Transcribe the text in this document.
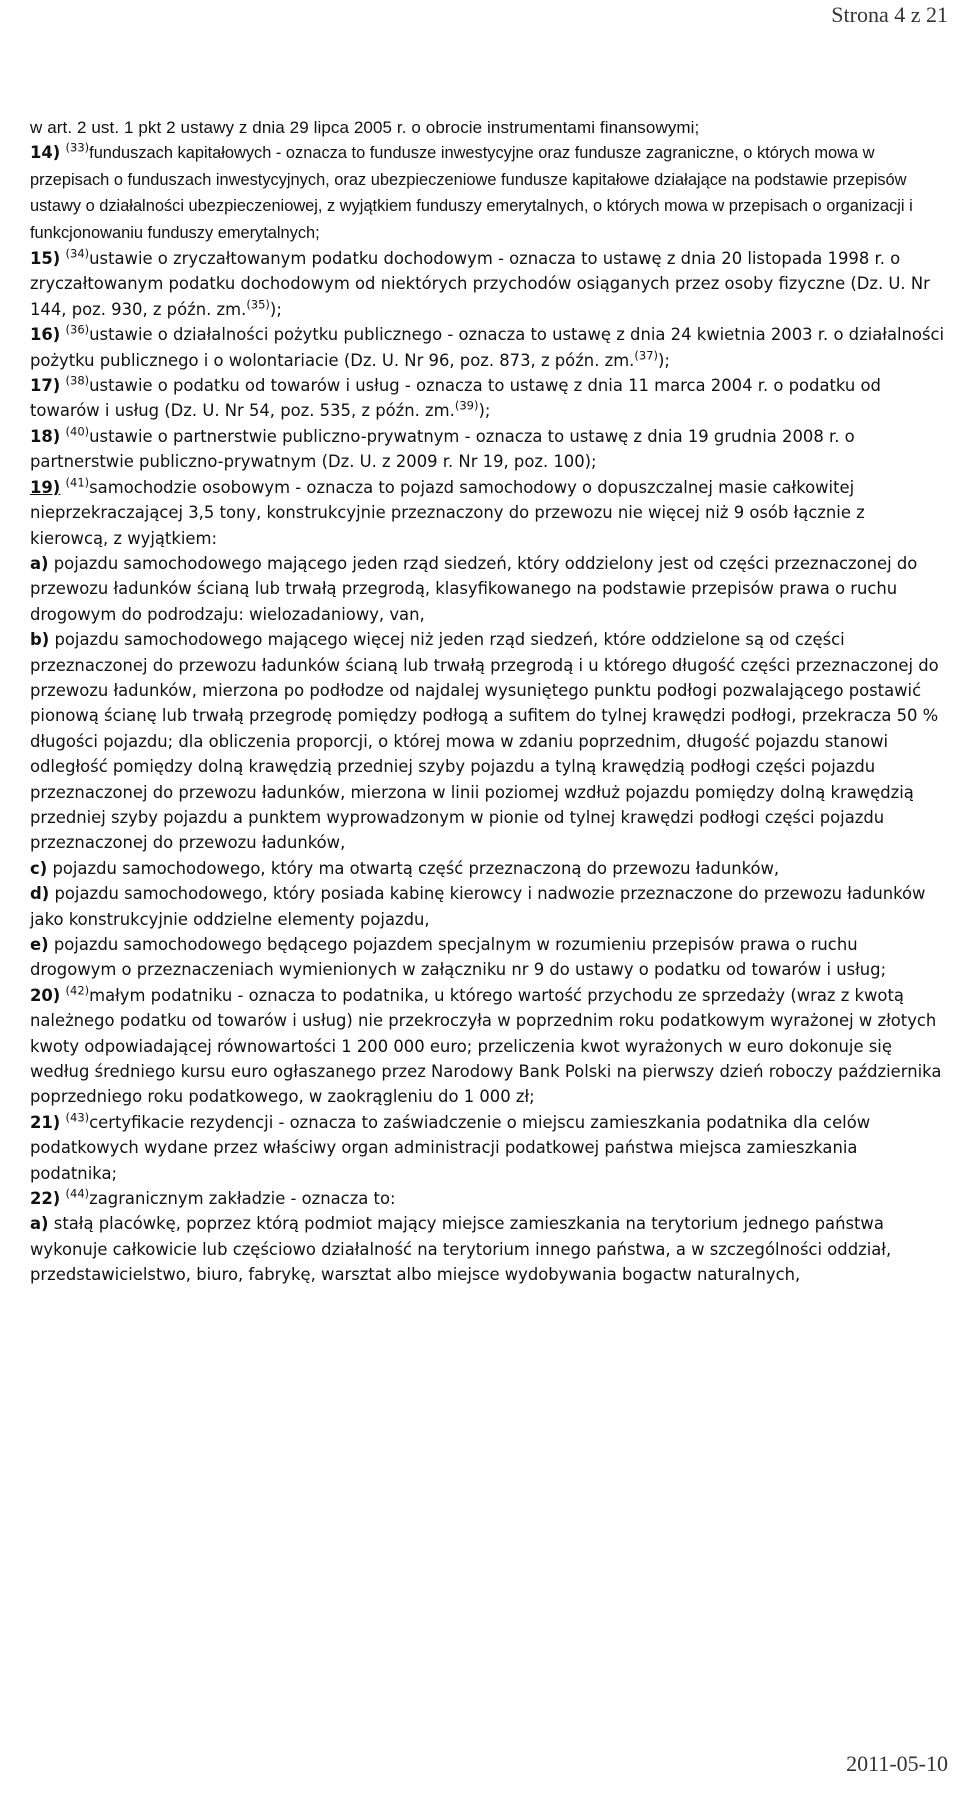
Strona 4 z 21

w art. 2 ust. 1 pkt 2 ustawy z dnia 29 lipca 2005 r. o obrocie instrumentami finansowymi;

14) $^{(33)}$funduszach kapitałowych - oznacza to fundusze inwestycyjne oraz fundusze zagraniczne, o których mowa w przepisach o funduszach inwestycyjnych, oraz ubezpieczeniowe fundusze kapitałowe działające na podstawie przepisów ustawy o działalności ubezpieczeniowej, z wyjątkiem funduszy emerytalnych, o których mowa w przepisach o organizacji i funkcjonowaniu funduszy emerytalnych;

15) $^{(34)}$ustawie o zryczałtowanym podatku dochodowym - oznacza to ustawę z dnia 20 listopada 1998 r. o zryczałtowanym podatku dochodowym od niektórych przychodów osiąganych przez osoby fizyczne (Dz. U. Nr 144, poz. 930, z późn. zm.$^{(35)}$);

16) $^{(36)}$ustawie o działalności pożytku publicznego - oznacza to ustawę z dnia 24 kwietnia 2003 r. o działalności pożytku publicznego i o wolontariacie (Dz. U. Nr 96, poz. 873, z późn. zm.$^{(37)}$);

17) $^{(38)}$ustawie o podatku od towarów i usług - oznacza to ustawę z dnia 11 marca 2004 r. o podatku od towarów i usług (Dz. U. Nr 54, poz. 535, z późn. zm.$^{(39)}$);

18) $^{(40)}$ustawie o partnerstwie publiczno-prywatnym - oznacza to ustawę z dnia 19 grudnia 2008 r. o partnerstwie publiczno-prywatnym (Dz. U. z 2009 r. Nr 19, poz. 100);

19) $^{(41)}$samochodzie osobowym - oznacza to pojazd samochodowy o dopuszczalnej masie całkowitej nieprzekraczającej 3,5 tony, konstrukcyjnie przeznaczony do przewozu nie więcej niż 9 osób łącznie z kierowcą, z wyjątkiem:

a) pojazdu samochodowego mającego jeden rząd siedzeń, który oddzielony jest od części przeznaczonej do przewozu ładunków ścianą lub trwałą przegrodą, klasyfikowanego na podstawie przepisów prawa o ruchu drogowym do podrodzaju: wielozadaniowy, van,

b) pojazdu samochodowego mającego więcej niż jeden rząd siedzeń, które oddzielone są od części przeznaczonej do przewozu ładunków ścianą lub trwałą przegrodą i u którego długość części przeznaczonej do przewozu ładunków, mierzona po podłodze od najdalej wysuniętego punktu podłogi pozwalającego postawić pionową ścianę lub trwałą przegrodę pomiędzy podłogą a sufitem do tylnej krawędzi podłogi, przekracza 50 % długości pojazdu; dla obliczenia proporcji, o której mowa w zdaniu poprzednim, długość pojazdu stanowi odległość pomiędzy dolną krawędzią przedniej szyby pojazdu a tylną krawędzią podłogi części pojazdu przeznaczonej do przewozu ładunków, mierzona w linii poziomej wzdłuż pojazdu pomiędzy dolną krawędzią przedniej szyby pojazdu a punktem wyprowadzonym w pionie od tylnej krawędzi podłogi części pojazdu przeznaczonej do przewozu ładunków,

c) pojazdu samochodowego, który ma otwartą część przeznaczoną do przewozu ładunków,

d) pojazdu samochodowego, który posiada kabinę kierowcy i nadwozie przeznaczone do przewozu ładunków jako konstrukcyjnie oddzielne elementy pojazdu,

e) pojazdu samochodowego będącego pojazdem specjalnym w rozumieniu przepisów prawa o ruchu drogowym o przeznaczeniach wymienionych w załączniku nr 9 do ustawy o podatku od towarów i usług;

20) $^{(42)}$małym podatniku - oznacza to podatnika, u którego wartość przychodu ze sprzedaży (wraz z kwotą należnego podatku od towarów i usług) nie przekroczyła w poprzednim roku podatkowym wyrażonej w złotych kwoty odpowiadającej równowartości 1 200 000 euro; przeliczenia kwot wyrażonych w euro dokonuje się według średniego kursu euro ogłaszanego przez Narodowy Bank Polski na pierwszy dzień roboczy października poprzedniego roku podatkowego, w zaokrągleniu do 1 000 zł;

21) $^{(43)}$certyfikacie rezydencji - oznacza to zaświadczenie o miejscu zamieszkania podatnika dla celów podatkowych wydane przez właściwy organ administracji podatkowej państwa miejsca zamieszkania podatnika;

22) $^{(44)}$zagranicznym zakładzie - oznacza to:

a) stałą placówkę, poprzez którą podmiot mający miejsce zamieszkania na terytorium jednego państwa wykonuje całkowicie lub częściowo działalność na terytorium innego państwa, a w szczególności oddział, przedstawicielstwo, biuro, fabrykę, warsztat albo miejsce wydobywania bogactw naturalnych,

2011-05-10
